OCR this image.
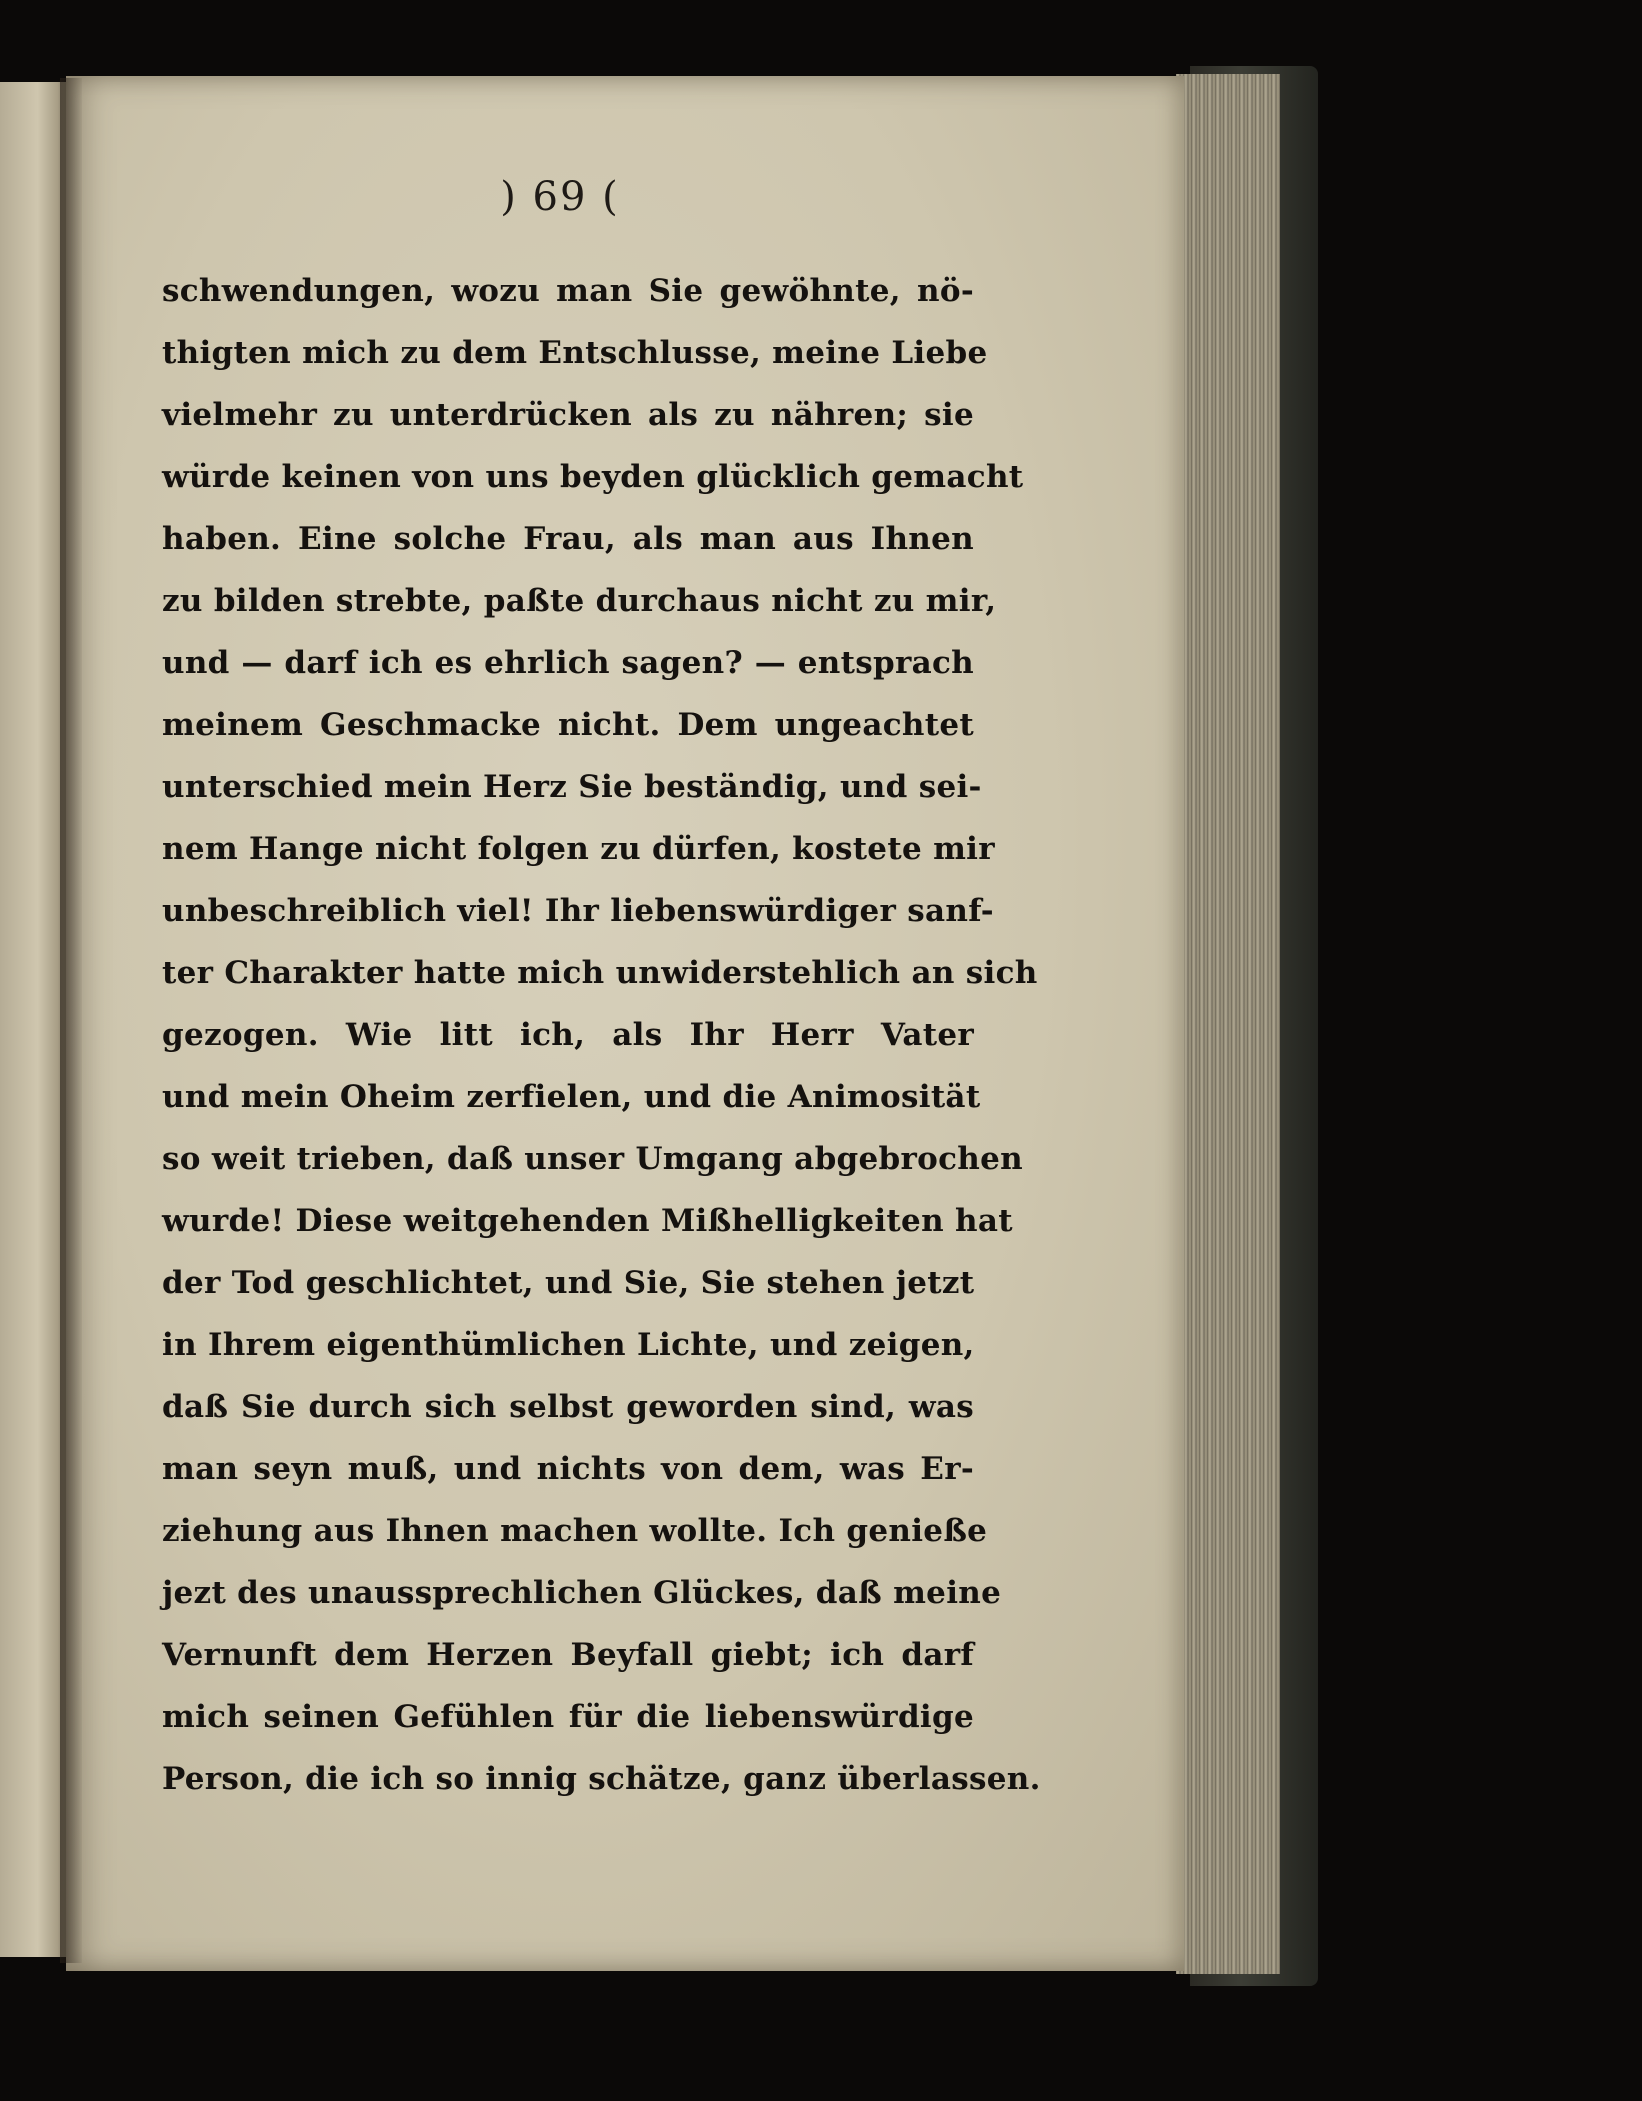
) 69 (
schwendungen, wozu man Sie gewöhnte, nö-
thigten mich zu dem Entschlusse, meine Liebe
vielmehr zu unterdrücken als zu nähren; sie
würde keinen von uns beyden glücklich gemacht
haben. Eine solche Frau, als man aus Ihnen
zu bilden strebte, paßte durchaus nicht zu mir,
und — darf ich es ehrlich sagen? — entsprach
meinem Geschmacke nicht. Dem ungeachtet
unterschied mein Herz Sie beständig, und sei-
nem Hange nicht folgen zu dürfen, kostete mir
unbeschreiblich viel! Ihr liebenswürdiger sanf-
ter Charakter hatte mich unwiderstehlich an sich
gezogen. Wie litt ich, als Ihr Herr Vater
und mein Oheim zerfielen, und die Animosität
so weit trieben, daß unser Umgang abgebrochen
wurde! Diese weitgehenden Mißhelligkeiten hat
der Tod geschlichtet, und Sie, Sie stehen jetzt
in Ihrem eigenthümlichen Lichte, und zeigen,
daß Sie durch sich selbst geworden sind, was
man seyn muß, und nichts von dem, was Er-
ziehung aus Ihnen machen wollte. Ich genieße
jezt des unaussprechlichen Glückes, daß meine
Vernunft dem Herzen Beyfall giebt; ich darf
mich seinen Gefühlen für die liebenswürdige
Person, die ich so innig schätze, ganz überlassen.
